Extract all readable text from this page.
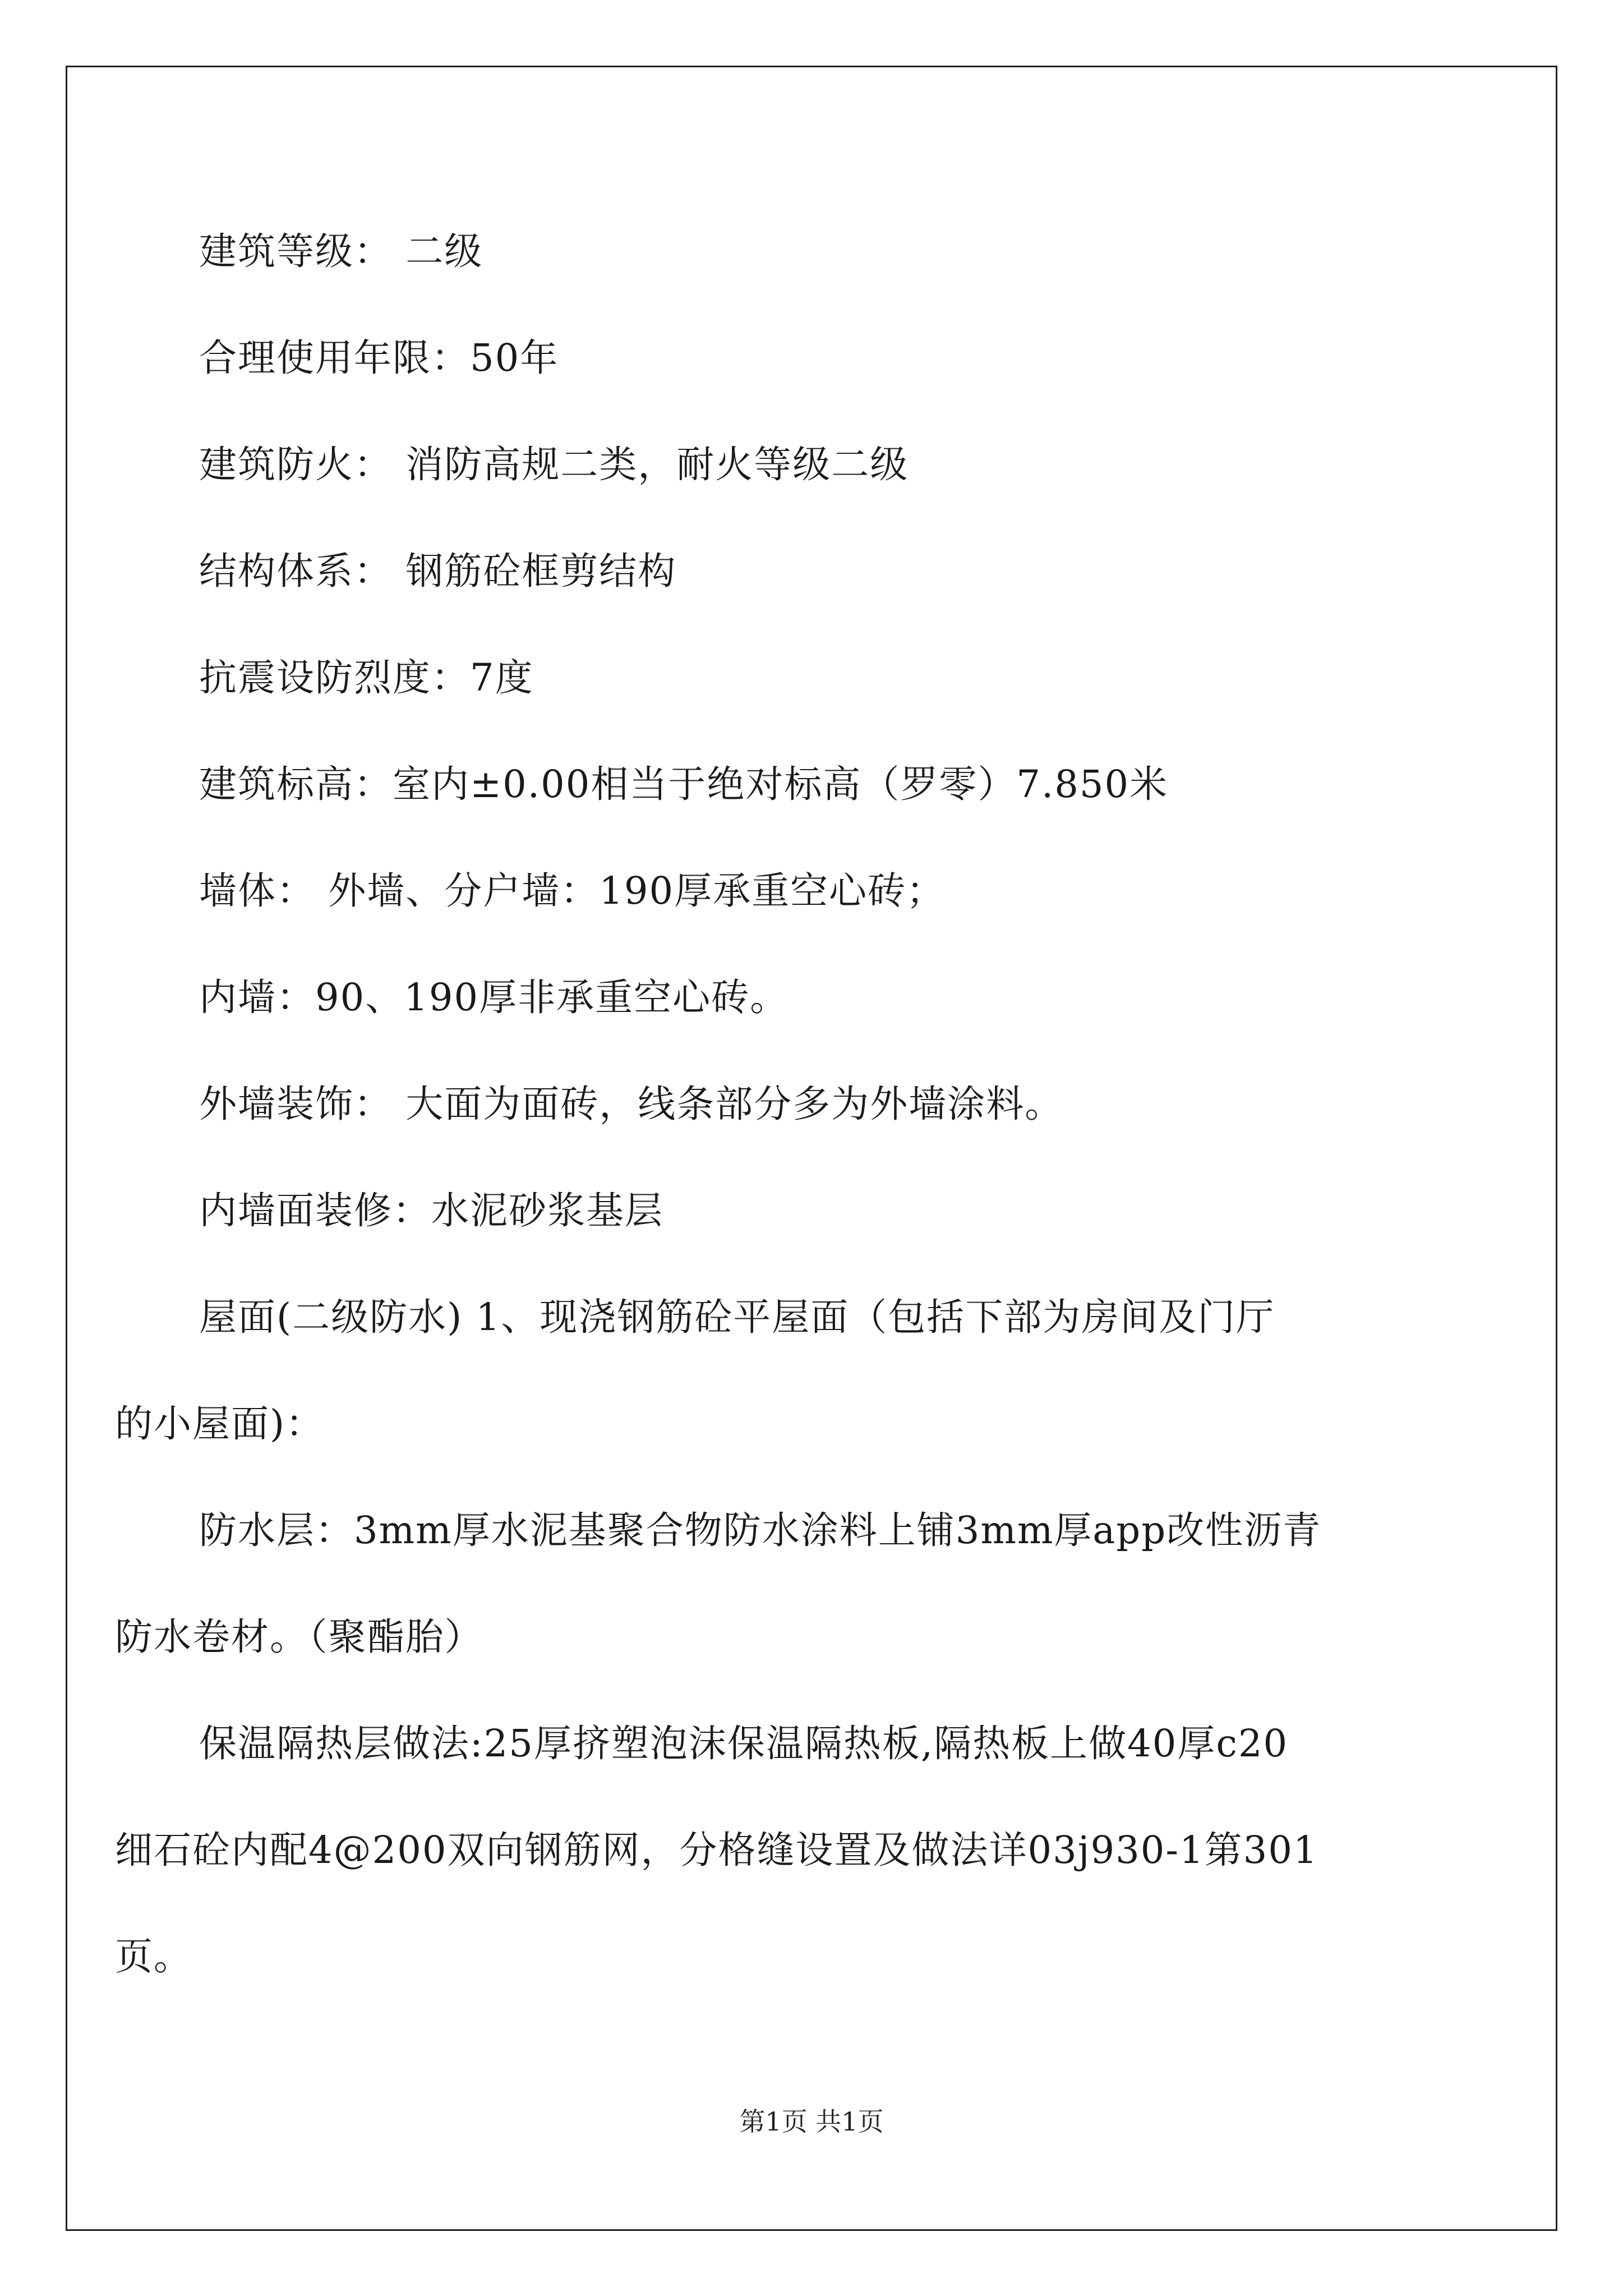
建筑等级： 二级
合理使用年限：50年
建筑防火： 消防高规二类，耐火等级二级
结构体系： 钢筋砼框剪结构
抗震设防烈度：7度
建筑标高：室内±0.00相当于绝对标高（罗零）7.850米
墙体： 外墙、分户墙：190厚承重空心砖；
内墙：90、190厚非承重空心砖。
外墙装饰： 大面为面砖，线条部分多为外墙涂料。
内墙面装修：水泥砂浆基层
屋面(二级防水) 1、现浇钢筋砼平屋面（包括下部为房间及门厅
的小屋面)：
防水层：3mm厚水泥基聚合物防水涂料上铺3mm厚app改性沥青
防水卷材。（聚酯胎）
保温隔热层做法:25厚挤塑泡沫保温隔热板,隔热板上做40厚c20
细石砼内配4@200双向钢筋网，分格缝设置及做法详03j930-1第301
页。
第1页 共1页
